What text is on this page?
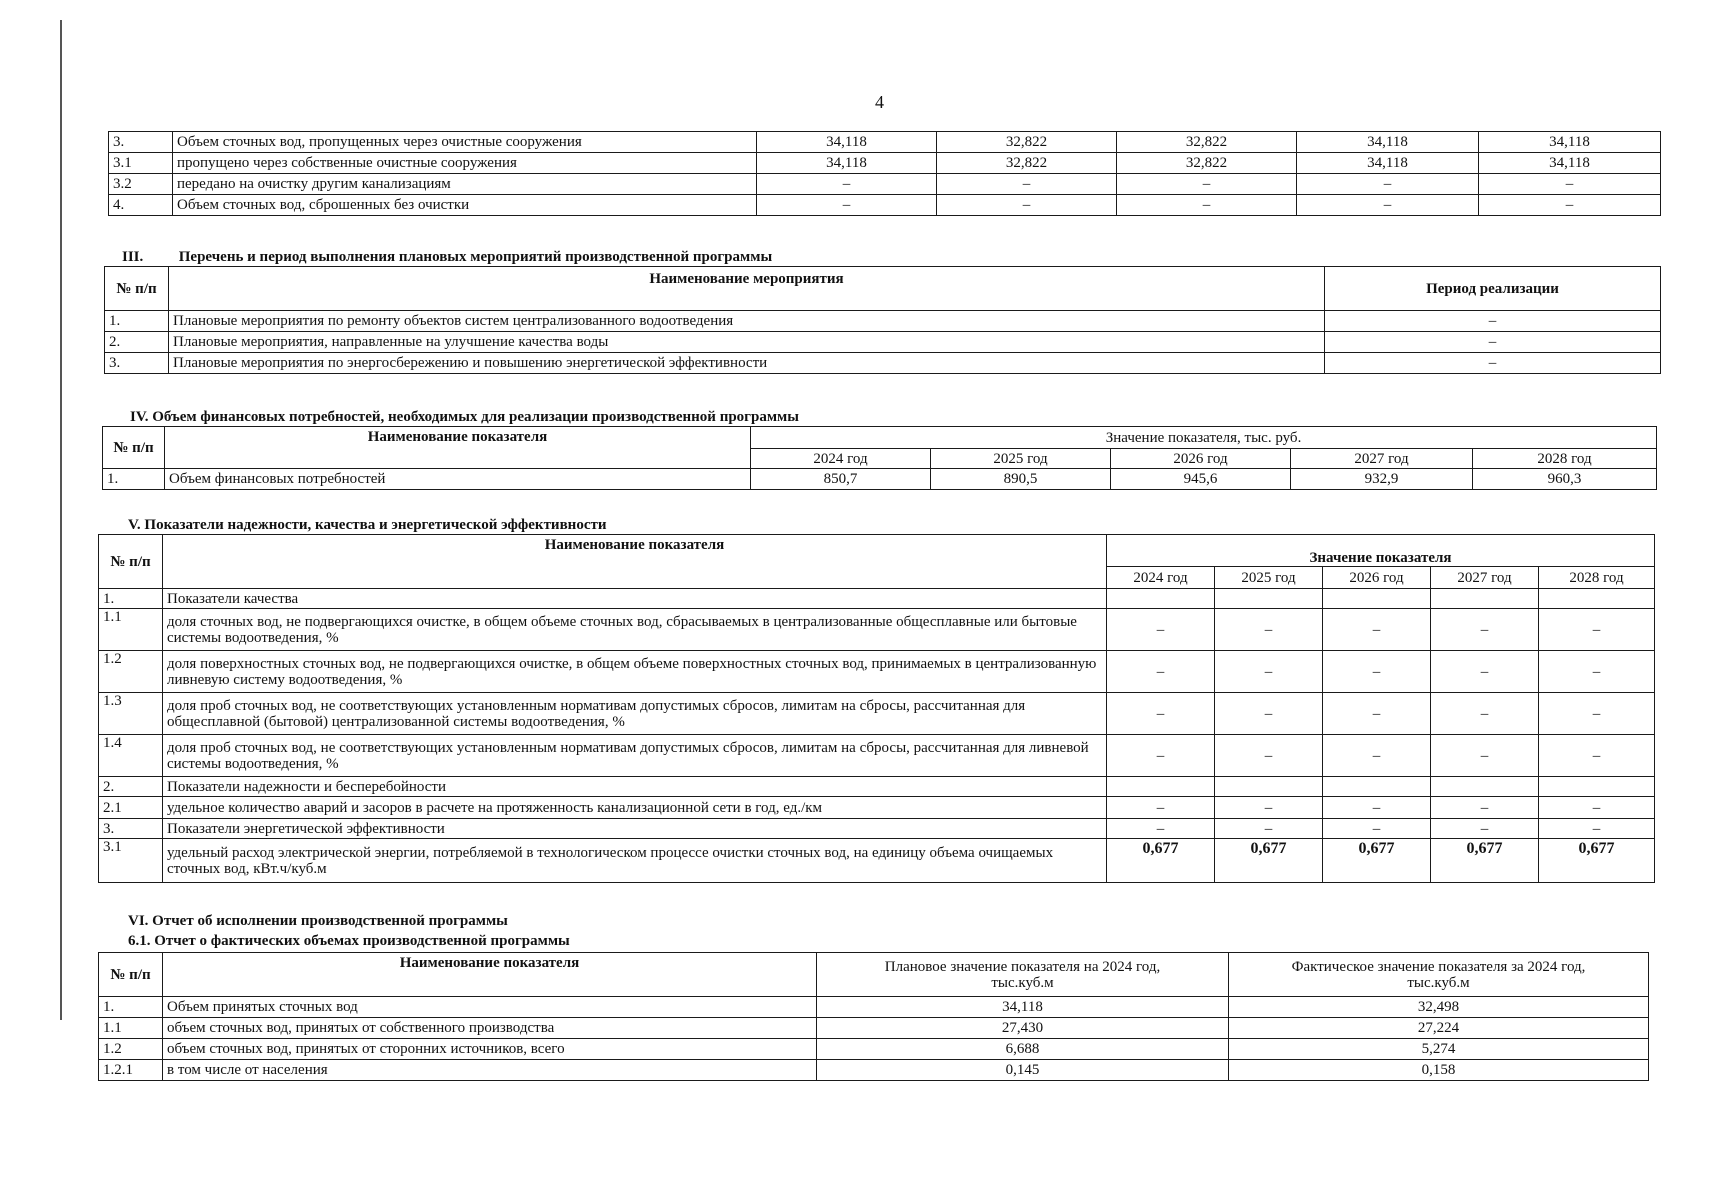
4
3.	Объем сточных вод, пропущенных через очистные сооружения	34,118	32,822	32,822	34,118	34,118
3.1	пропущено через собственные очистные сооружения	34,118	32,822	32,822	34,118	34,118
3.2	передано на очистку другим канализациям	–	–	–	–	–
4.	Объем сточных вод, сброшенных без очистки	–	–	–	–	–
III. Перечень и период выполнения плановых мероприятий производственной программы
№ п/п	Наименование мероприятия	Период реализации
1.	Плановые мероприятия по ремонту объектов систем централизованного водоотведения	–
2.	Плановые мероприятия, направленные на улучшение качества воды	–
3.	Плановые мероприятия по энергосбережению и повышению энергетической эффективности	–
IV. Объем финансовых потребностей, необходимых для реализации производственной программы
№ п/п	Наименование показателя	Значение показателя, тыс. руб.				
		2024 год	2025 год	2026 год	2027 год	2028 год
1.	Объем финансовых потребностей	850,7	890,5	945,6	932,9	960,3
V. Показатели надежности, качества и энергетической эффективности
№ п/п	Наименование показателя	Значение показателя				
		2024 год	2025 год	2026 год	2027 год	2028 год
1.	Показатели качества					
1.1	доля сточных вод, не подвергающихся очистке, в общем объеме сточных вод, сбрасываемых в централизованные общесплавные или бытовые системы водоотведения, %	–	–	–	–	–
1.2	доля поверхностных сточных вод, не подвергающихся очистке, в общем объеме поверхностных сточных вод, принимаемых в централизованную ливневую систему водоотведения, %	–	–	–	–	–
1.3	доля проб сточных вод, не соответствующих установленным нормативам допустимых сбросов, лимитам на сбросы, рассчитанная для общесплавной (бытовой) централизованной системы водоотведения, %	–	–	–	–	–
1.4	доля проб сточных вод, не соответствующих установленным нормативам допустимых сбросов, лимитам на сбросы, рассчитанная для ливневой системы водоотведения, %	–	–	–	–	–
2.	Показатели надежности и бесперебойности					
2.1	удельное количество аварий и засоров в расчете на протяженность канализационной сети в год, ед./км	–	–	–	–	–
3.	Показатели энергетической эффективности	–	–	–	–	–
3.1	удельный расход электрической энергии, потребляемой в технологическом процессе очистки сточных вод, на единицу объема очищаемых сточных вод, кВт.ч/куб.м	0,677	0,677	0,677	0,677	0,677
VI. Отчет об исполнении производственной программы
6.1. Отчет о фактических объемах производственной программы
№ п/п	Наименование показателя	Плановое значение показателя на 2024 год, тыс.куб.м	Фактическое значение показателя за 2024 год, тыс.куб.м
1.	Объем принятых сточных вод	34,118	32,498
1.1	объем сточных вод, принятых от собственного производства	27,430	27,224
1.2	объем сточных вод, принятых от сторонних источников, всего	6,688	5,274
1.2.1	в том числе от населения	0,145	0,158
